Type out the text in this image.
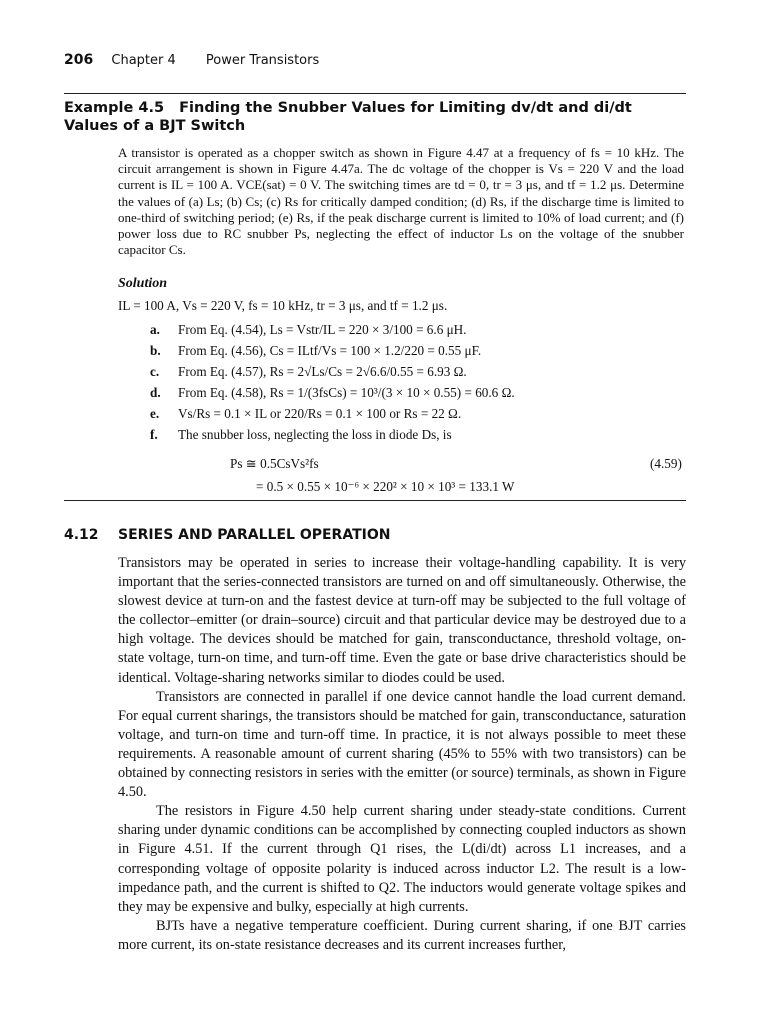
206 Chapter 4 Power Transistors
Example 4.5 Finding the Snubber Values for Limiting dv/dt and di/dt Values of a BJT Switch
A transistor is operated as a chopper switch as shown in Figure 4.47 at a frequency of fs = 10 kHz. The circuit arrangement is shown in Figure 4.47a. The dc voltage of the chopper is Vs = 220 V and the load current is IL = 100 A. VCE(sat) = 0 V. The switching times are td = 0, tr = 3 μs, and tf = 1.2 μs. Determine the values of (a) Ls; (b) Cs; (c) Rs for critically damped condition; (d) Rs, if the discharge time is limited to one-third of switching period; (e) Rs, if the peak discharge current is limited to 10% of load current; and (f) power loss due to RC snubber Ps, neglecting the effect of inductor Ls on the voltage of the snubber capacitor Cs.
Solution
IL = 100 A, Vs = 220 V, fs = 10 kHz, tr = 3 μs, and tf = 1.2 μs.
a.	From Eq. (4.54), Ls = Vstr/IL = 220 × 3/100 = 6.6 μH.
b.	From Eq. (4.56), Cs = ILtf/Vs = 100 × 1.2/220 = 0.55 μF.
c.	From Eq. (4.57), Rs = 2√Ls/Cs = 2√6.6/0.55 = 6.93 Ω.
d.	From Eq. (4.58), Rs = 1/(3fsCs) = 10³/(3 × 10 × 0.55) = 60.6 Ω.
e.	Vs/Rs = 0.1 × IL or 220/Rs = 0.1 × 100 or Rs = 22 Ω.
f.	The snubber loss, neglecting the loss in diode Ds, is
Ps ≅ 0.5CsVs²fs	(4.59)
= 0.5 × 0.55 × 10⁻⁶ × 220² × 10 × 10³ = 133.1 W
4.12 SERIES AND PARALLEL OPERATION

Transistors may be operated in series to increase their voltage-handling capability. It is very important that the series-connected transistors are turned on and off simultaneously. Otherwise, the slowest device at turn-on and the fastest device at turn-off may be subjected to the full voltage of the collector–emitter (or drain–source) circuit and that particular device may be destroyed due to a high voltage. The devices should be matched for gain, transconductance, threshold voltage, on-state voltage, turn-on time, and turn-off time. Even the gate or base drive characteristics should be identical. Voltage-sharing networks similar to diodes could be used.

Transistors are connected in parallel if one device cannot handle the load current demand. For equal current sharings, the transistors should be matched for gain, transconductance, saturation voltage, and turn-on time and turn-off time. In practice, it is not always possible to meet these requirements. A reasonable amount of current sharing (45% to 55% with two transistors) can be obtained by connecting resistors in series with the emitter (or source) terminals, as shown in Figure 4.50.

The resistors in Figure 4.50 help current sharing under steady-state conditions. Current sharing under dynamic conditions can be accomplished by connecting coupled inductors as shown in Figure 4.51. If the current through Q1 rises, the L(di/dt) across L1 increases, and a corresponding voltage of opposite polarity is induced across inductor L2. The result is a low-impedance path, and the current is shifted to Q2. The inductors would generate voltage spikes and they may be expensive and bulky, especially at high currents.

BJTs have a negative temperature coefficient. During current sharing, if one BJT carries more current, its on-state resistance decreases and its current increases further,
